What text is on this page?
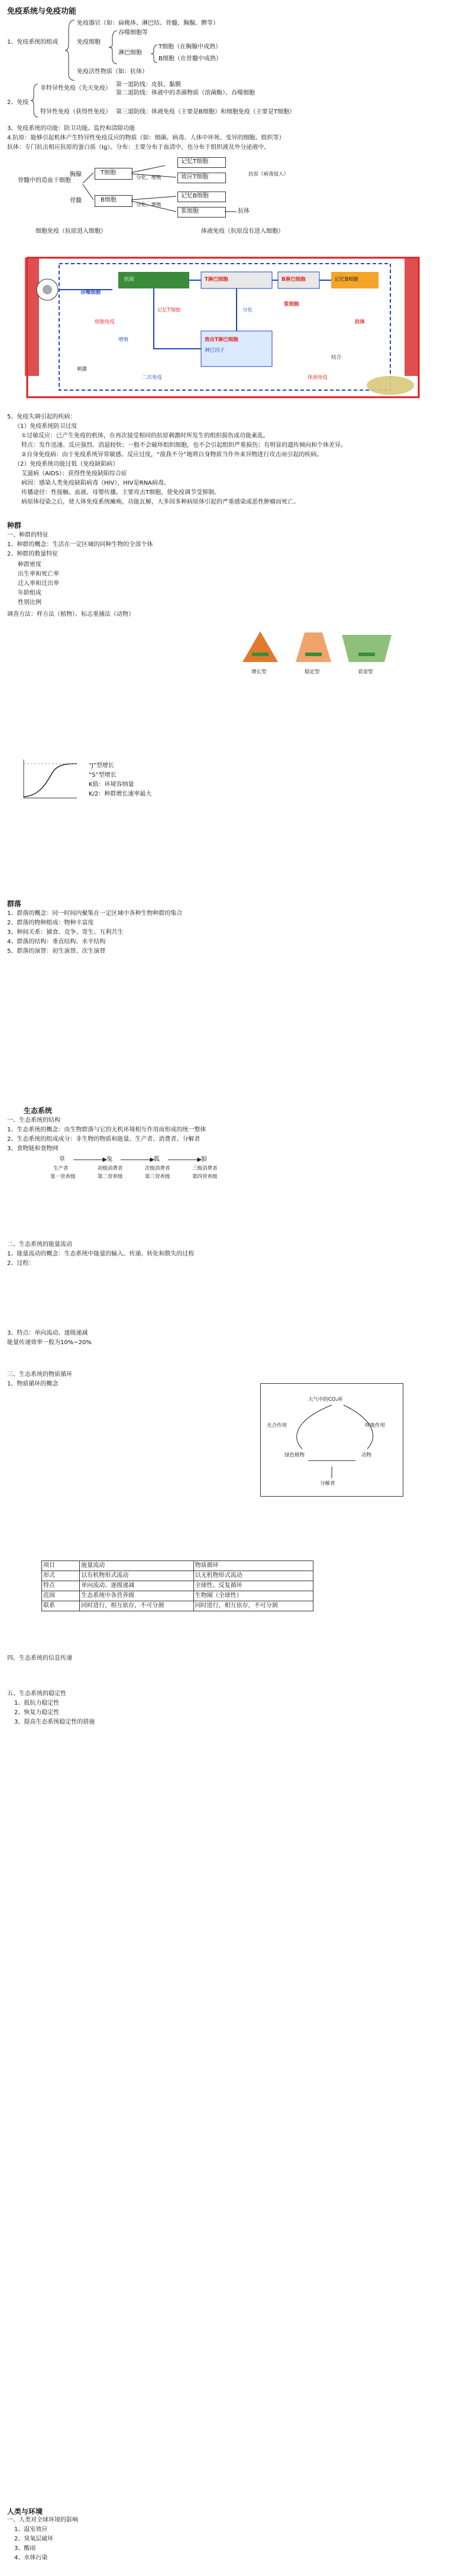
免疫系统与免疫功能
1、免疫系统的组成
免疫器官（如：扁桃体、淋巴结、骨髓、胸腺、脾等）
免疫细胞
吞噬细胞等
淋巴细胞
T细胞（在胸腺中成熟）
B细胞（在骨髓中成熟）
免疫活性物质（如：抗体）
2、免疫
非特异性免疫（先天免疫）
特异性免疫（获得性免疫）
第一道防线：皮肤、黏膜
第二道防线：体液中的杀菌物质（溶菌酶）、吞噬细胞
第三道防线：体液免疫（主要是B细胞）和细胞免疫（主要是T细胞）
3、免疫系统的功能：防卫功能、监控和清除功能
4.抗原：能够引起机体产生特异性免疫反应的物质（如：细菌、病毒、人体中坏死、变异的细胞、组织等）
抗体：专门抗击相应抗原的蛋白质（Ig）。分布：主要分布于血清中，也分布于组织液及外分泌液中。
骨髓中的造血干细胞
胸腺
骨髓
T细胞
B细胞
分化、增殖
分化、增殖
记忆T细胞
效应T细胞
记忆B细胞
浆细胞	抗体
抗原（病毒侵入）
细胞免疫（抗原进入细胞）	体液免疫（抗原没有进入细胞）
抗原	T淋巴细胞	B淋巴细胞	记忆B细胞
吞噬细胞
记忆T细胞
效应T淋巴细胞
淋巴因子
浆细胞
抗体
分化
增殖
刺激
结合
二次免疫
细胞免疫
体液免疫
5、免疫失调引起的疾病：
（1）免疫系统防卫过度
①过敏反应：已产生免疫的机体，在再次接受相同的抗原刺激时所发生的组织损伤或功能紊乱。
特点：发作迅速、反应强烈、消退较快；一般不会破坏组织细胞，也不会引起组织严重损伤；有明显的遗传倾向和个体差异。
②自身免疫病：由于免疫系统异常敏感、反应过度，“敌我不分”地将自身物质当作外来异物进行攻击而引起的疾病。
（2）免疫系统功能过低（免疫缺陷病）
艾滋病（AIDS）：获得性免疫缺陷综合症
病因：感染人类免疫缺陷病毒（HIV），HIV是RNA病毒。
传播途径：性接触、血液、母婴传播。主要攻击T细胞，使免疫调节受抑制。
病原体侵染之后，使人体免疫系统瘫痪，功能瓦解，大多因多种病原体引起的严重感染或恶性肿瘤而死亡。
种群
一、种群的特征
1、种群的概念：生活在一定区域的同种生物的全部个体
2、种群的数量特征
种群密度
出生率和死亡率
迁入率和迁出率
年龄组成
性别比例
调查方法：样方法（植物）、标志重捕法（动物）
增长型	稳定型	衰退型
“J”型增长
“S”型增长
K值：环境容纳量
K/2：种群增长速率最大
群落
1、群落的概念：同一时间内聚集在一定区域中各种生物种群的集合
2、群落的物种组成：物种丰富度
3、种间关系：捕食、竞争、寄生、互利共生
4、群落的结构：垂直结构、水平结构
5、群落的演替：初生演替、次生演替
生态系统
一、生态系统的结构
1、生态系统的概念：由生物群落与它的无机环境相互作用而形成的统一整体
2、生态系统的组成成分：非生物的物质和能量、生产者、消费者、分解者
3、食物链和食物网
草	兔	狐	狼
生产者	初级消费者	次级消费者	三级消费者
第一营养级	第二营养级	第三营养级	第四营养级
二、生态系统的能量流动
1、能量流动的概念：生态系统中能量的输入、传递、转化和散失的过程
2、过程：
3、特点：单向流动、逐级递减
能量传递效率一般为10%~20%
大气中的CO₂库
绿色植物	动物
分解者
光合作用	呼吸作用
三、生态系统的物质循环
1、物质循环的概念
项目	能量流动	物质循环
形式	以有机物形式流动	以无机物形式流动
特点	单向流动、逐级递减	全球性、反复循环
范围	生态系统中各营养级	生物圈（全球性）
联系	同时进行，相互依存，不可分割	同时进行，相互依存，不可分割
四、生态系统的信息传递
五、生态系统的稳定性
1、抵抗力稳定性
2、恢复力稳定性
3、提高生态系统稳定性的措施
人类与环境
一、人类对全球环境的影响
1、温室效应
2、臭氧层破坏
3、酸雨
4、水体污染
